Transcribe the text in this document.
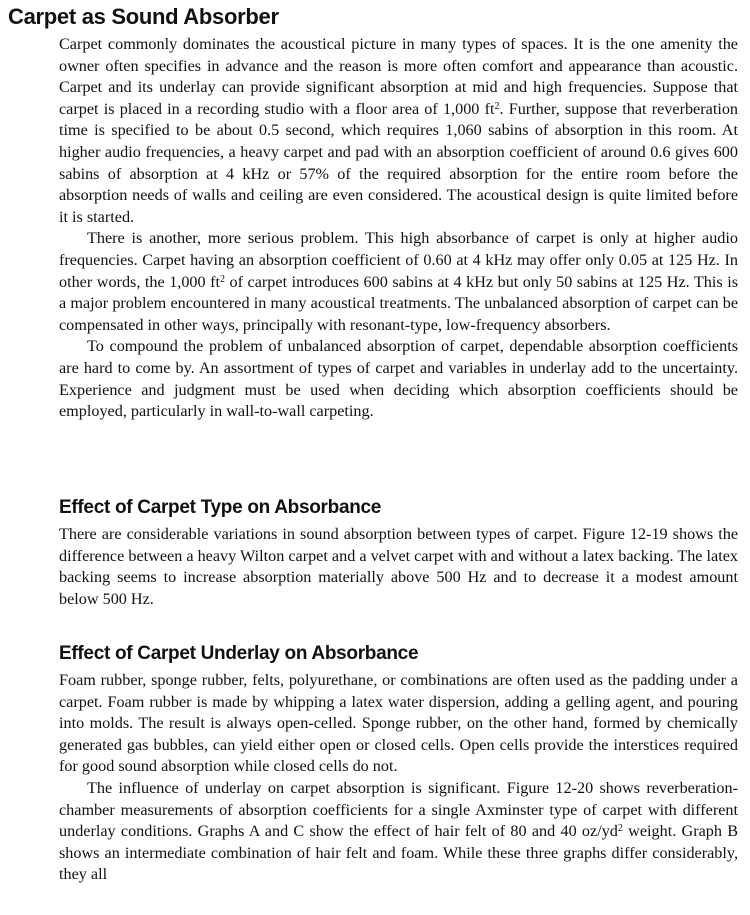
Carpet as Sound Absorber

Carpet commonly dominates the acoustical picture in many types of spaces. It is the one amenity the owner often specifies in advance and the reason is more often comfort and appearance than acoustic. Carpet and its underlay can provide significant absorption at mid and high frequencies. Suppose that carpet is placed in a recording studio with a floor area of 1,000 $ft^2$. Further, suppose that reverberation time is specified to be about 0.5 second, which requires 1,060 sabins of absorption in this room. At higher audio frequencies, a heavy carpet and pad with an absorption coefficient of around 0.6 gives 600 sabins of absorption at 4 kHz or 57% of the required absorption for the entire room before the absorption needs of walls and ceiling are even considered. The acoustical design is quite limited before it is started.

There is another, more serious problem. This high absorbance of carpet is only at higher audio frequencies. Carpet having an absorption coefficient of 0.60 at 4 kHz may offer only 0.05 at 125 Hz. In other words, the 1,000 $ft^2$ of carpet introduces 600 sabins at 4 kHz but only 50 sabins at 125 Hz. This is a major problem encountered in many acoustical treatments. The unbalanced absorption of carpet can be compensated in other ways, principally with resonant-type, low-frequency absorbers.

To compound the problem of unbalanced absorption of carpet, dependable absorption coefficients are hard to come by. An assortment of types of carpet and variables in underlay add to the uncertainty. Experience and judgment must be used when deciding which absorption coefficients should be employed, particularly in wall-to-wall carpeting.

Effect of Carpet Type on Absorbance

There are considerable variations in sound absorption between types of carpet. Figure 12-19 shows the difference between a heavy Wilton carpet and a velvet carpet with and without a latex backing. The latex backing seems to increase absorption materially above 500 Hz and to decrease it a modest amount below 500 Hz.

Effect of Carpet Underlay on Absorbance

Foam rubber, sponge rubber, felts, polyurethane, or combinations are often used as the padding under a carpet. Foam rubber is made by whipping a latex water dispersion, adding a gelling agent, and pouring into molds. The result is always open-celled. Sponge rubber, on the other hand, formed by chemically generated gas bubbles, can yield either open or closed cells. Open cells provide the interstices required for good sound absorption while closed cells do not.

The influence of underlay on carpet absorption is significant. Figure 12-20 shows reverberation-chamber measurements of absorption coefficients for a single Axminster type of carpet with different underlay conditions. Graphs A and C show the effect of hair felt of 80 and 40 $oz/yd^2$ weight. Graph B shows an intermediate combination of hair felt and foam. While these three graphs differ considerably, they all
